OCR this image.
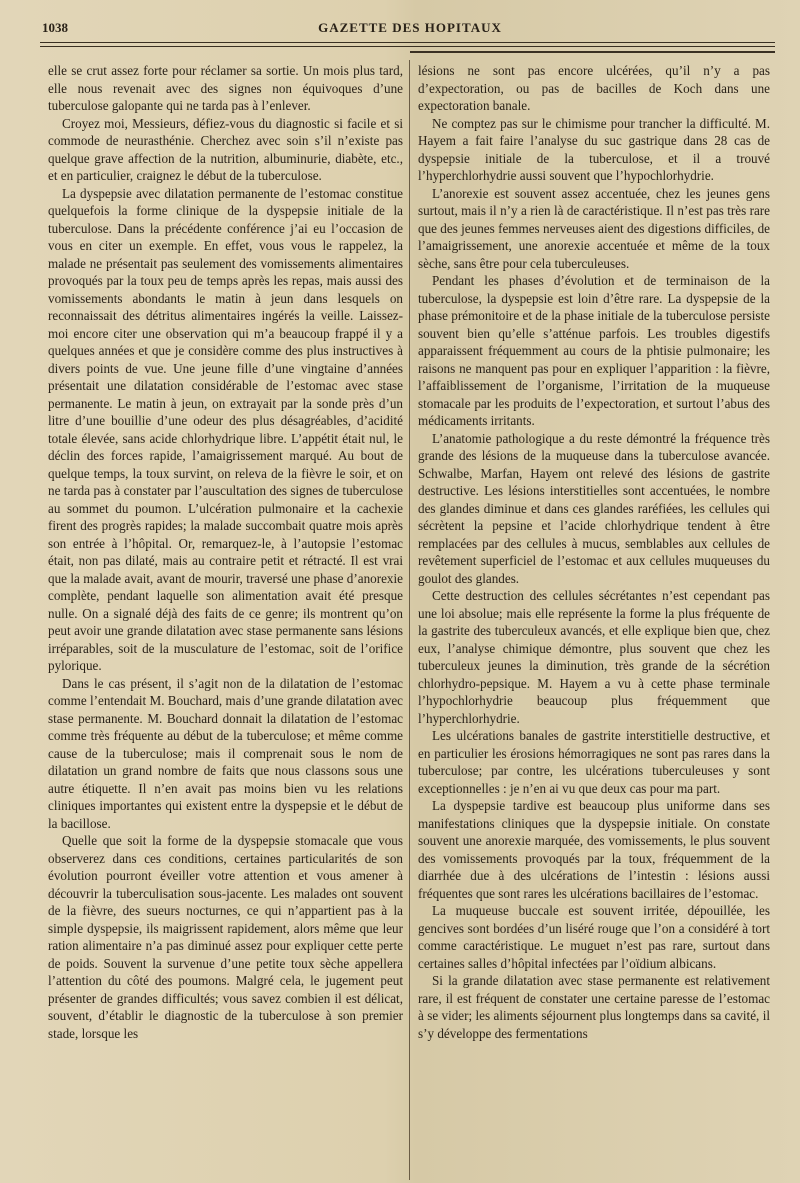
1038	GAZETTE DES HOPITAUX

elle se crut assez forte pour réclamer sa sortie. Un mois plus tard, elle nous revenait avec des signes non équivoques d’une tuberculose galopante qui ne tarda pas à l’enlever.

Croyez moi, Messieurs, défiez-vous du diagnostic si facile et si commode de neurasthénie. Cherchez avec soin s’il n’existe pas quelque grave affection de la nutrition, albuminurie, diabète, etc., et en particulier, craignez le début de la tuberculose.

La dyspepsie avec dilatation permanente de l’estomac constitue quelquefois la forme clinique de la dyspepsie initiale de la tuberculose. Dans la précédente conférence j’ai eu l’occasion de vous en citer un exemple. En effet, vous vous le rappelez, la malade ne présentait pas seulement des vomissements alimentaires provoqués par la toux peu de temps après les repas, mais aussi des vomissements abondants le matin à jeun dans lesquels on reconnaissait des détritus alimentaires ingérés la veille. Laissez-moi encore citer une observation qui m’a beaucoup frappé il y a quelques années et que je considère comme des plus instructives à divers points de vue. Une jeune fille d’une vingtaine d’années présentait une dilatation considérable de l’estomac avec stase permanente. Le matin à jeun, on extrayait par la sonde près d’un litre d’une bouillie d’une odeur des plus désagréables, d’acidité totale élevée, sans acide chlorhydrique libre. L’appétit était nul, le déclin des forces rapide, l’amaigrissement marqué. Au bout de quelque temps, la toux survint, on releva de la fièvre le soir, et on ne tarda pas à constater par l’auscultation des signes de tuberculose au sommet du poumon. L’ulcération pulmonaire et la cachexie firent des progrès rapides; la malade succombait quatre mois après son entrée à l’hôpital. Or, remarquez-le, à l’autopsie l’estomac était, non pas dilaté, mais au contraire petit et rétracté. Il est vrai que la malade avait, avant de mourir, traversé une phase d’anorexie complète, pendant laquelle son alimentation avait été presque nulle. On a signalé déjà des faits de ce genre; ils montrent qu’on peut avoir une grande dilatation avec stase permanente sans lésions irréparables, soit de la musculature de l’estomac, soit de l’orifice pylorique.

Dans le cas présent, il s’agit non de la dilatation de l’estomac comme l’entendait M. Bouchard, mais d’une grande dilatation avec stase permanente. M. Bouchard donnait la dilatation de l’estomac comme très fréquente au début de la tuberculose; et même comme cause de la tuberculose; mais il comprenait sous le nom de dilatation un grand nombre de faits que nous classons sous une autre étiquette. Il n’en avait pas moins bien vu les relations cliniques importantes qui existent entre la dyspepsie et le début de la bacillose.

Quelle que soit la forme de la dyspepsie stomacale que vous observerez dans ces conditions, certaines particularités de son évolution pourront éveiller votre attention et vous amener à découvrir la tuberculisation sous-jacente. Les malades ont souvent de la fièvre, des sueurs nocturnes, ce qui n’appartient pas à la simple dyspepsie, ils maigrissent rapidement, alors même que leur ration alimentaire n’a pas diminué assez pour expliquer cette perte de poids. Souvent la survenue d’une petite toux sèche appellera l’attention du côté des poumons. Malgré cela, le jugement peut présenter de grandes difficultés; vous savez combien il est délicat, souvent, d’établir le diagnostic de la tuberculose à son premier stade, lorsque les

lésions ne sont pas encore ulcérées, qu’il n’y a pas d’expectoration, ou pas de bacilles de Koch dans une expectoration banale.

Ne comptez pas sur le chimisme pour trancher la difficulté. M. Hayem a fait faire l’analyse du suc gastrique dans 28 cas de dyspepsie initiale de la tuberculose, et il a trouvé l’hyperchlorhydrie aussi souvent que l’hypochlorhydrie.

L’anorexie est souvent assez accentuée, chez les jeunes gens surtout, mais il n’y a rien là de caractéristique. Il n’est pas très rare que des jeunes femmes nerveuses aient des digestions difficiles, de l’amaigrissement, une anorexie accentuée et même de la toux sèche, sans être pour cela tuberculeuses.

Pendant les phases d’évolution et de terminaison de la tuberculose, la dyspepsie est loin d’être rare. La dyspepsie de la phase prémonitoire et de la phase initiale de la tuberculose persiste souvent bien qu’elle s’atténue parfois. Les troubles digestifs apparaissent fréquemment au cours de la phtisie pulmonaire; les raisons ne manquent pas pour en expliquer l’apparition : la fièvre, l’affaiblissement de l’organisme, l’irritation de la muqueuse stomacale par les produits de l’expectoration, et surtout l’abus des médicaments irritants.

L’anatomie pathologique a du reste démontré la fréquence très grande des lésions de la muqueuse dans la tuberculose avancée. Schwalbe, Marfan, Hayem ont relevé des lésions de gastrite destructive. Les lésions interstitielles sont accentuées, le nombre des glandes diminue et dans ces glandes raréfiées, les cellules qui sécrètent la pepsine et l’acide chlorhydrique tendent à être remplacées par des cellules à mucus, semblables aux cellules de revêtement superficiel de l’estomac et aux cellules muqueuses du goulot des glandes.

Cette destruction des cellules sécrétantes n’est cependant pas une loi absolue; mais elle représente la forme la plus fréquente de la gastrite des tuberculeux avancés, et elle explique bien que, chez eux, l’analyse chimique démontre, plus souvent que chez les tuberculeux jeunes la diminution, très grande de la sécrétion chlorhydro-pepsique. M. Hayem a vu à cette phase terminale l’hypochlorhydrie beaucoup plus fréquemment que l’hyperchlorhydrie.

Les ulcérations banales de gastrite interstitielle destructive, et en particulier les érosions hémorragiques ne sont pas rares dans la tuberculose; par contre, les ulcérations tuberculeuses y sont exceptionnelles : je n’en ai vu que deux cas pour ma part.

La dyspepsie tardive est beaucoup plus uniforme dans ses manifestations cliniques que la dyspepsie initiale. On constate souvent une anorexie marquée, des vomissements, le plus souvent des vomissements provoqués par la toux, fréquemment de la diarrhée due à des ulcérations de l’intestin : lésions aussi fréquentes que sont rares les ulcérations bacillaires de l’estomac.

La muqueuse buccale est souvent irritée, dépouillée, les gencives sont bordées d’un liséré rouge que l’on a considéré à tort comme caractéristique. Le muguet n’est pas rare, surtout dans certaines salles d’hôpital infectées par l’oïdium albicans.

Si la grande dilatation avec stase permanente est relativement rare, il est fréquent de constater une certaine paresse de l’estomac à se vider; les aliments séjournent plus longtemps dans sa cavité, il s’y développe des fermentations
